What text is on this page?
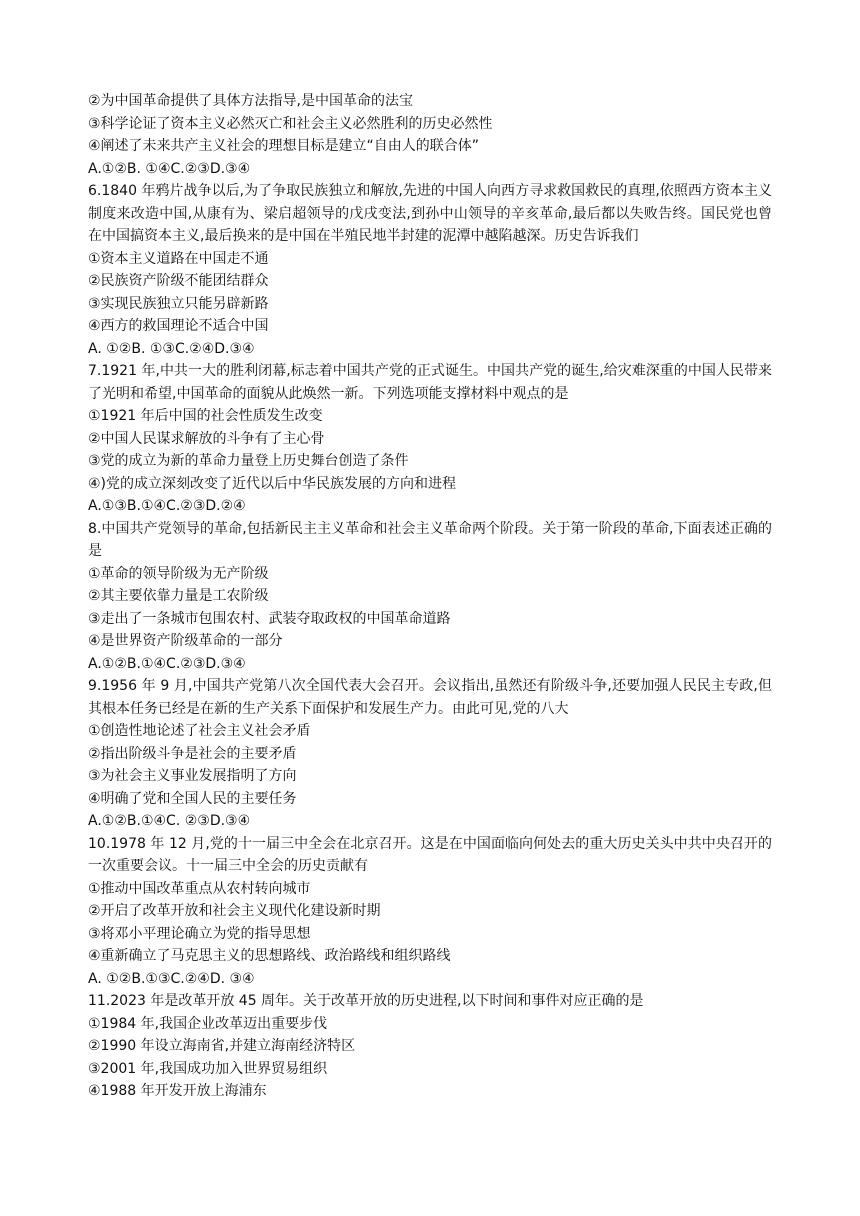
②为中国革命提供了具体方法指导,是中国革命的法宝
③科学论证了资本主义必然灭亡和社会主义必然胜利的历史必然性
④阐述了未来共产主义社会的理想目标是建立“自由人的联合体”
A.①②B. ①④C.②③D.③④
6.1840 年鸦片战争以后,为了争取民族独立和解放,先进的中国人向西方寻求救国救民的真理,依照西方资本主义制度来改造中国,从康有为、梁启超领导的戊戌变法,到孙中山领导的辛亥革命,最后都以失败告终。国民党也曾在中国搞资本主义,最后换来的是中国在半殖民地半封建的泥潭中越陷越深。历史告诉我们
①资本主义道路在中国走不通
②民族资产阶级不能团结群众
③实现民族独立只能另辟新路
④西方的救国理论不适合中国
A. ①②B. ①③C.②④D.③④
7.1921 年,中共一大的胜利闭幕,标志着中国共产党的正式诞生。中国共产党的诞生,给灾难深重的中国人民带来了光明和希望,中国革命的面貌从此焕然一新。下列选项能支撑材料中观点的是
①1921 年后中国的社会性质发生改变
②中国人民谋求解放的斗争有了主心骨
③党的成立为新的革命力量登上历史舞台创造了条件
④)党的成立深刻改变了近代以后中华民族发展的方向和进程
A.①③B.①④C.②③D.②④
8.中国共产党领导的革命,包括新民主主义革命和社会主义革命两个阶段。关于第一阶段的革命,下面表述正确的是
①革命的领导阶级为无产阶级
②其主要依靠力量是工农阶级
③走出了一条城市包围农村、武装夺取政权的中国革命道路
④是世界资产阶级革命的一部分
A.①②B.①④C.②③D.③④
9.1956 年 9 月,中国共产党第八次全国代表大会召开。会议指出,虽然还有阶级斗争,还要加强人民民主专政,但其根本任务已经是在新的生产关系下面保护和发展生产力。由此可见,党的八大
①创造性地论述了社会主义社会矛盾
②指出阶级斗争是社会的主要矛盾
③为社会主义事业发展指明了方向
④明确了党和全国人民的主要任务
A.①②B.①④C. ②③D.③④
10.1978 年 12 月,党的十一届三中全会在北京召开。这是在中国面临向何处去的重大历史关头中共中央召开的一次重要会议。十一届三中全会的历史贡献有
①推动中国改革重点从农村转向城市
②开启了改革开放和社会主义现代化建设新时期
③将邓小平理论确立为党的指导思想
④重新确立了马克思主义的思想路线、政治路线和组织路线
A. ①②B.①③C.②④D. ③④
11.2023 年是改革开放 45 周年。关于改革开放的历史进程,以下时间和事件对应正确的是
①1984 年,我国企业改革迈出重要步伐
②1990 年设立海南省,并建立海南经济特区
③2001 年,我国成功加入世界贸易组织
④1988 年开发开放上海浦东
